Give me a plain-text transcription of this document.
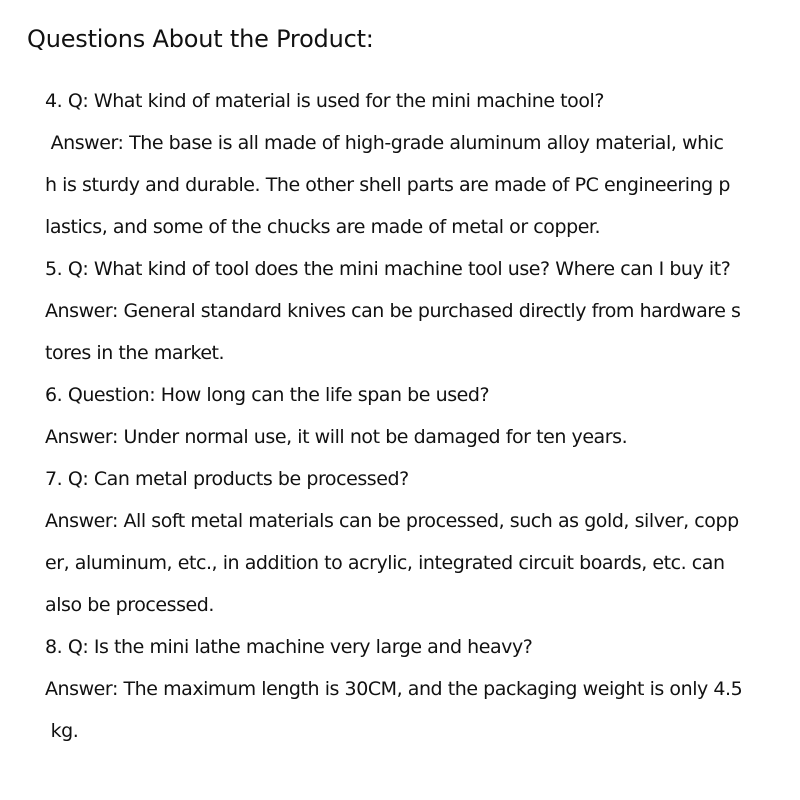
Questions About the Product:
4. Q: What kind of material is used for the mini machine tool?
Answer: The base is all made of high-grade aluminum alloy material, whic
h is sturdy and durable. The other shell parts are made of PC engineering p
lastics, and some of the chucks are made of metal or copper.
5. Q: What kind of tool does the mini machine tool use? Where can I buy it?
Answer: General standard knives can be purchased directly from hardware s
tores in the market.
6. Question: How long can the life span be used?
Answer: Under normal use, it will not be damaged for ten years.
7. Q: Can metal products be processed?
Answer: All soft metal materials can be processed, such as gold, silver, copp
er, aluminum, etc., in addition to acrylic, integrated circuit boards, etc. can
also be processed.
8. Q: Is the mini lathe machine very large and heavy?
Answer: The maximum length is 30CM, and the packaging weight is only 4.5
kg.
